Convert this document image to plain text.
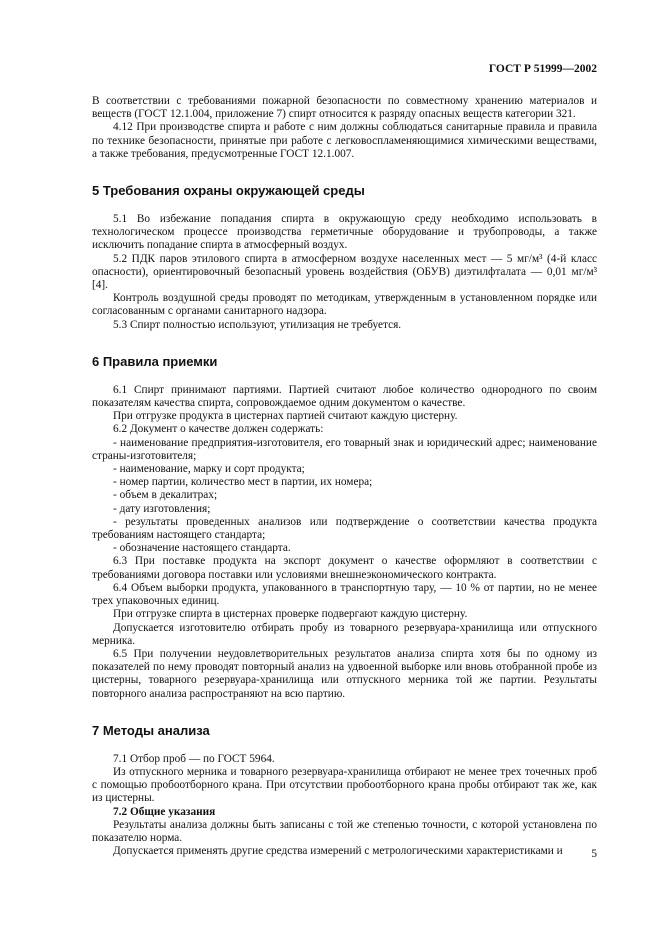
ГОСТ Р 51999—2002

В соответствии с требованиями пожарной безопасности по совместному хранению материалов и веществ (ГОСТ 12.1.004, приложение 7) спирт относится к разряду опасных веществ категории 321.

4.12 При производстве спирта и работе с ним должны соблюдаться санитарные правила и правила по технике безопасности, принятые при работе с легковоспламеняющимися химическими веществами, а также требования, предусмотренные ГОСТ 12.1.007.

5 Требования охраны окружающей среды

5.1 Во избежание попадания спирта в окружающую среду необходимо использовать в технологическом процессе производства герметичные оборудование и трубопроводы, а также исключить попадание спирта в атмосферный воздух.

5.2 ПДК паров этилового спирта в атмосферном воздухе населенных мест — 5 мг/м³ (4-й класс опасности), ориентировочный безопасный уровень воздействия (ОБУВ) диэтилфталата — 0,01 мг/м³ [4].

Контроль воздушной среды проводят по методикам, утвержденным в установленном порядке или согласованным с органами санитарного надзора.

5.3 Спирт полностью используют, утилизация не требуется.

6 Правила приемки

6.1 Спирт принимают партиями. Партией считают любое количество однородного по своим показателям качества спирта, сопровождаемое одним документом о качестве.

При отгрузке продукта в цистернах партией считают каждую цистерну.

6.2 Документ о качестве должен содержать:

- наименование предприятия-изготовителя, его товарный знак и юридический адрес; наименование страны-изготовителя;

- наименование, марку и сорт продукта;

- номер партии, количество мест в партии, их номера;

- объем в декалитрах;

- дату изготовления;

- результаты проведенных анализов или подтверждение о соответствии качества продукта требованиям настоящего стандарта;

- обозначение настоящего стандарта.

6.3 При поставке продукта на экспорт документ о качестве оформляют в соответствии с требованиями договора поставки или условиями внешнеэкономического контракта.

6.4 Объем выборки продукта, упакованного в транспортную тару, — 10 % от партии, но не менее трех упаковочных единиц.

При отгрузке спирта в цистернах проверке подвергают каждую цистерну.

Допускается изготовителю отбирать пробу из товарного резервуара-хранилища или отпускного мерника.

6.5 При получении неудовлетворительных результатов анализа спирта хотя бы по одному из показателей по нему проводят повторный анализ на удвоенной выборке или вновь отобранной пробе из цистерны, товарного резервуара-хранилища или отпускного мерника той же партии. Результаты повторного анализа распространяют на всю партию.

7 Методы анализа

7.1 Отбор проб — по ГОСТ 5964.

Из отпускного мерника и товарного резервуара-хранилища отбирают не менее трех точечных проб с помощью пробоотборного крана. При отсутствии пробоотборного крана пробы отбирают так же, как из цистерны.

7.2 Общие указания

Результаты анализа должны быть записаны с той же степенью точности, с которой установлена по показателю норма.

Допускается применять другие средства измерений с метрологическими характеристиками и	5
